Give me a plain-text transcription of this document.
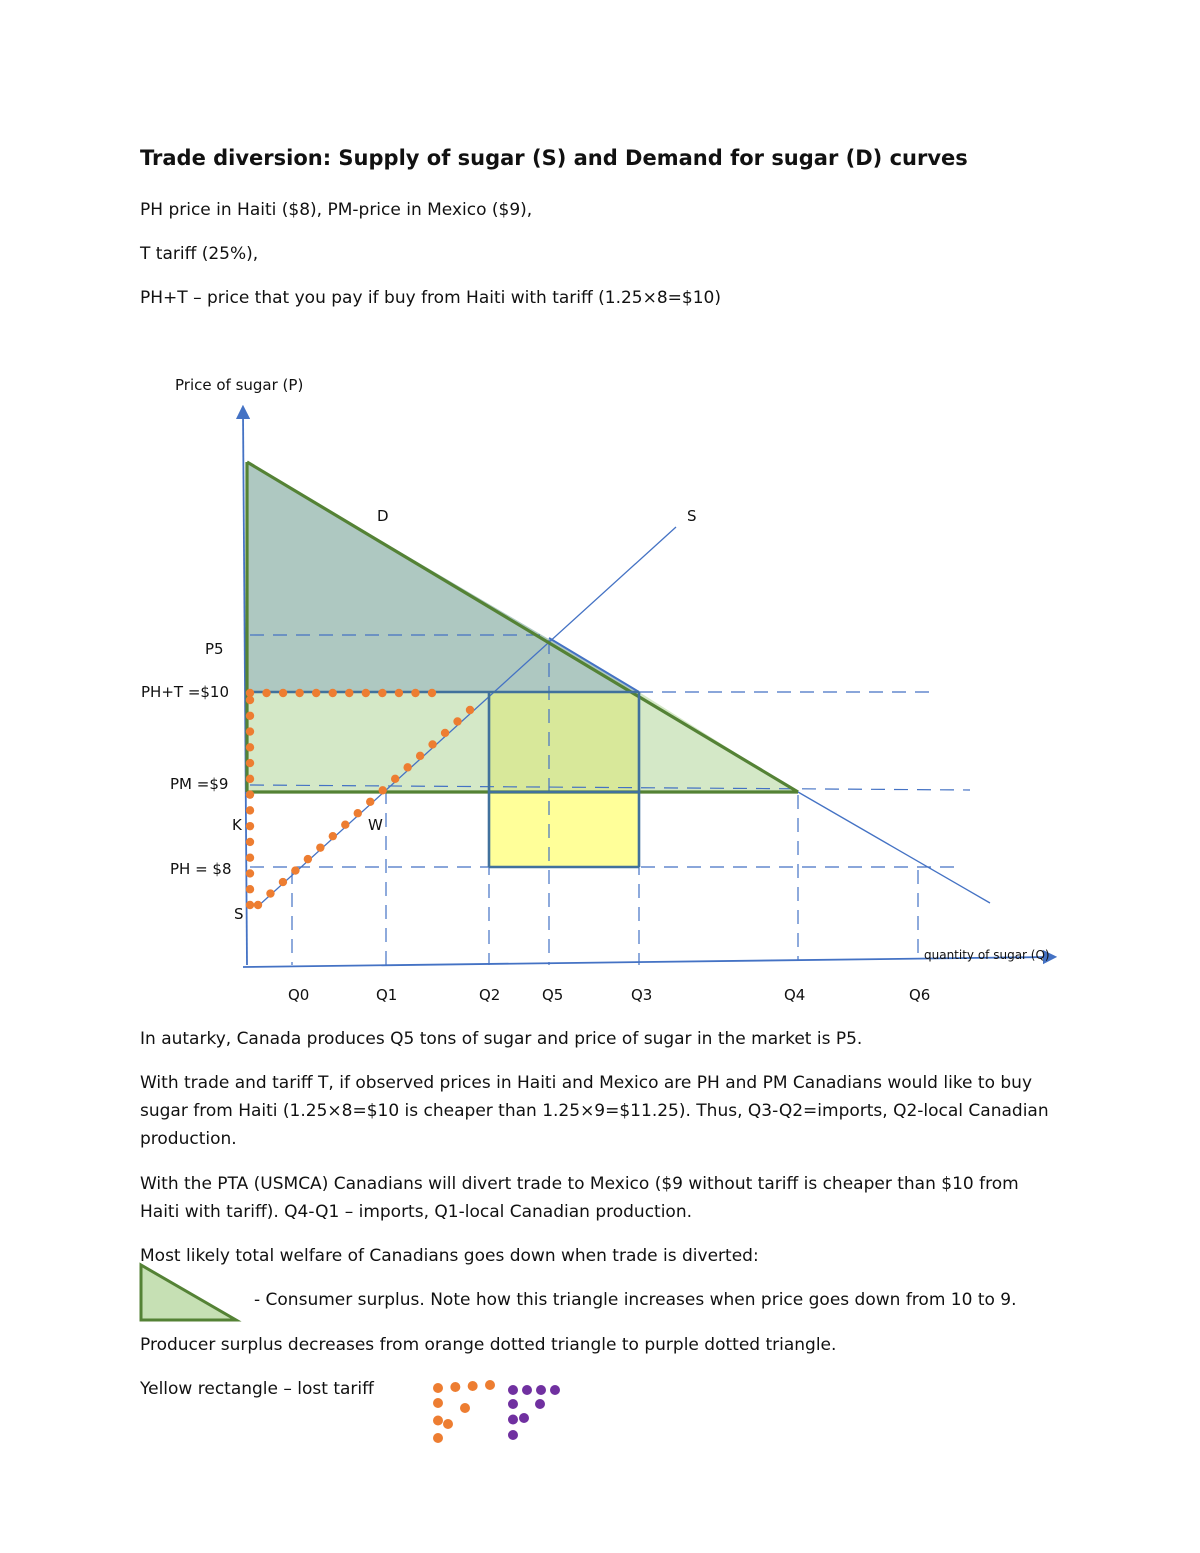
Trade diversion: Supply of sugar (S) and Demand for sugar (D) curves
PH price in Haiti ($8), PM-price in Mexico ($9),
T tariff (25%),
PH+T – price that you pay if buy from Haiti with tariff (1.25×8=$10)
Price of sugar (P)
quantity of sugar (Q)
D	S
P5
PH+T =$10
PM =$9
PH = $8
K	W
S
Q0	Q1	Q2	Q5	Q3	Q4	Q6
In autarky, Canada produces Q5 tons of sugar and price of sugar in the market is P5.
With trade and tariff T, if observed prices in Haiti and Mexico are PH and PM Canadians would like to buy sugar from Haiti (1.25×8=$10 is cheaper than 1.25×9=$11.25). Thus, Q3-Q2=imports, Q2-local Canadian production.
With the PTA (USMCA) Canadians will divert trade to Mexico ($9 without tariff is cheaper than $10 from Haiti with tariff). Q4-Q1 – imports, Q1-local Canadian production.
Most likely total welfare of Canadians goes down when trade is diverted:
- Consumer surplus. Note how this triangle increases when price goes down from 10 to 9.
Producer surplus decreases from orange dotted triangle to purple dotted triangle.
Yellow rectangle – lost tariff
